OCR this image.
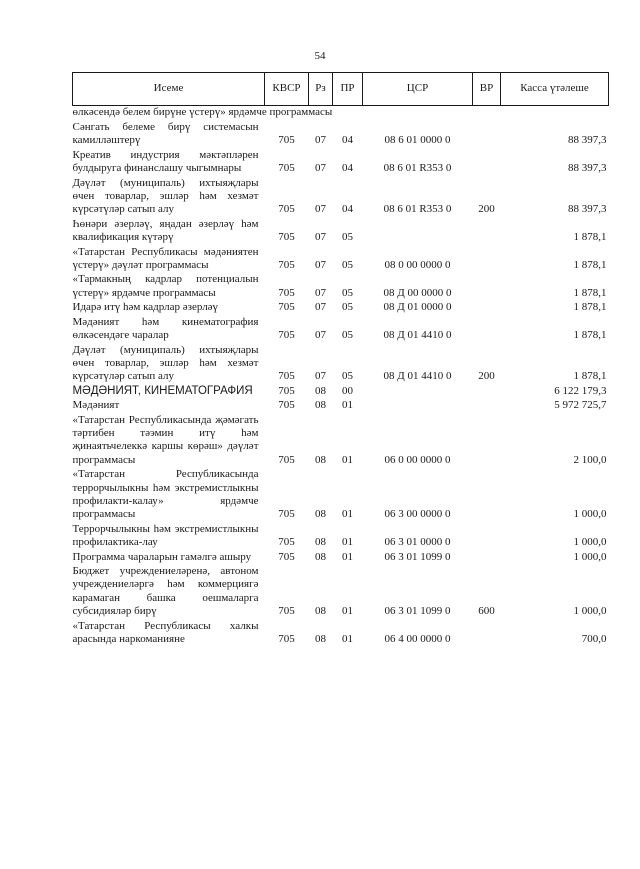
54
Исеме	КВСР	Рз	ПР	ЦСР	ВР	Касса үтәлеше
өлкәсендә белем бирүне үстерү» ярдәмче программасы						
Сәнгать белеме бирү системасын камилләштерү	705	07	04	08 6 01 0000 0		88 397,3
Креатив индустрия мәктәпләрен булдыруга финанслашу чыгымнары	705	07	04	08 6 01 R353 0		88 397,3
Дәүләт (муниципаль) ихтыяҗлары өчен товарлар, эшләр һәм хезмәт күрсәтүләр сатып алу	705	07	04	08 6 01 R353 0	200	88 397,3
Һөнәри әзерләү, яңадан әзерләү һәм квалификация күтәрү	705	07	05			1 878,1
«Татарстан Республикасы мәдәниятен үстерү» дәүләт программасы	705	07	05	08 0 00 0000 0		1 878,1
«Тармакның кадрлар потенциалын үстерү» ярдәмче программасы	705	07	05	08 Д 00 0000 0		1 878,1
Идарә итү һәм кадрлар әзерләү	705	07	05	08 Д 01 0000 0		1 878,1
Мәдәният һәм кинематография өлкәсендәге чаралар	705	07	05	08 Д 01 4410 0		1 878,1
Дәүләт (муниципаль) ихтыяҗлары өчен товарлар, эшләр һәм хезмәт күрсәтүләр сатып алу	705	07	05	08 Д 01 4410 0	200	1 878,1
МӘДӘНИЯТ, КИНЕМАТОГРАФИЯ	705	08	00			6 122 179,3
Мәдәният	705	08	01			5 972 725,7
«Татарстан Республикасында җәмәгать тәртибен тәэмин итү һәм җинаятьчелеккә каршы көрәш» дәүләт программасы	705	08	01	06 0 00 0000 0		2 100,0
«Татарстан Республикасында террорчылыкны һәм экстремистлыкны профилакти-калау» ярдәмче программасы	705	08	01	06 3 00 0000 0		1 000,0
Террорчылыкны һәм экстремистлыкны профилактика-лау	705	08	01	06 3 01 0000 0		1 000,0
Программа чараларын гамәлгә ашыру	705	08	01	06 3 01 1099 0		1 000,0
Бюджет учреждениеләренә, автоном учреждениеләргә һәм коммерциягә карамаган башка оешмаларга субсидияләр бирү	705	08	01	06 3 01 1099 0	600	1 000,0
«Татарстан Республикасы халкы арасында наркоманияне	705	08	01	06 4 00 0000 0		700,0
